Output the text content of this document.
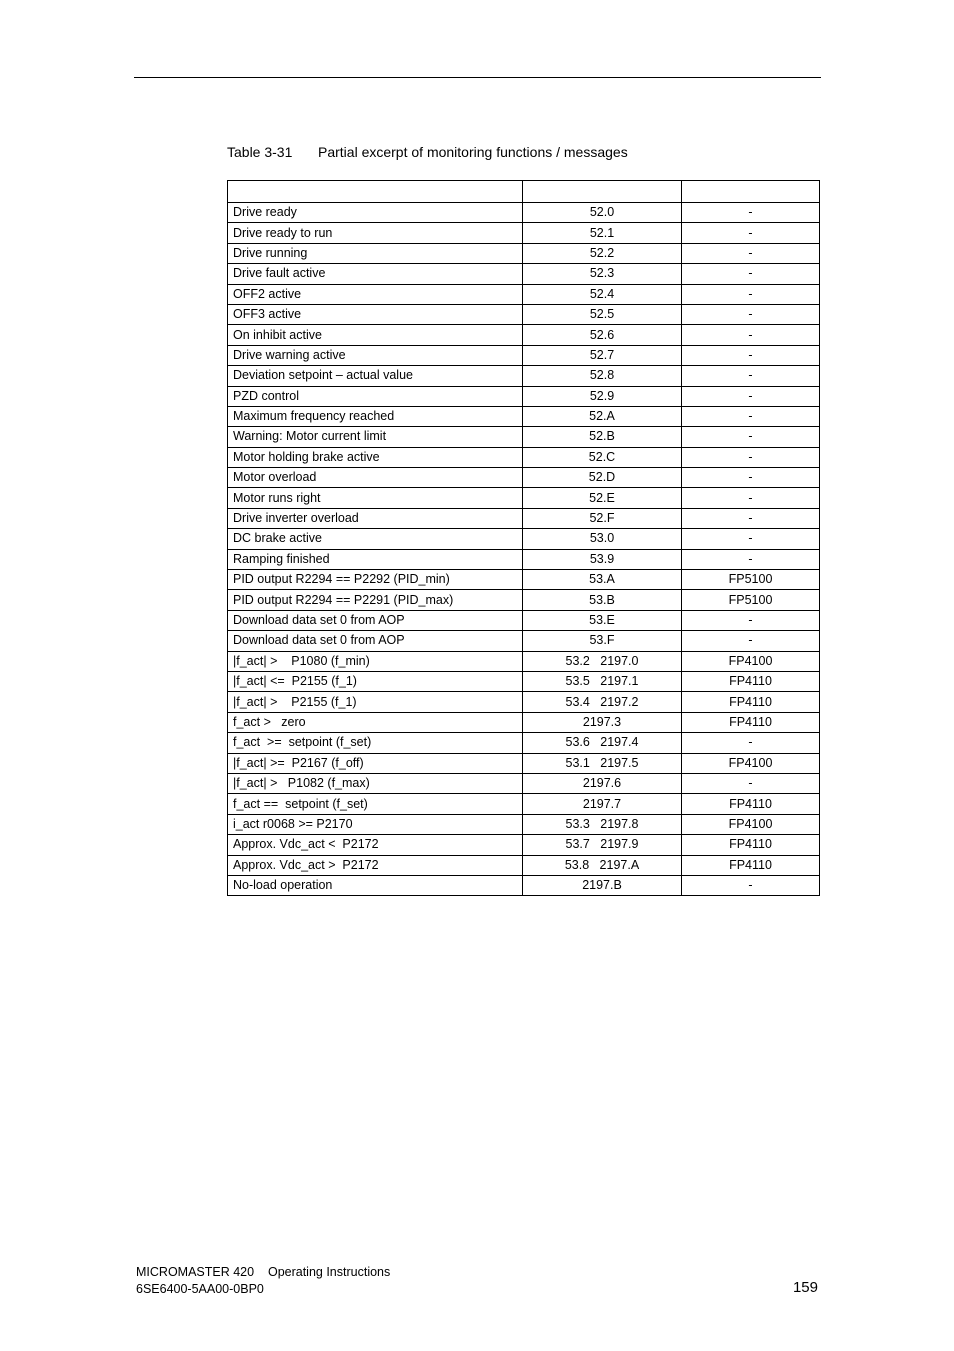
Table 3-31 Partial excerpt of monitoring functions / messages

Drive ready	52.0	-
Drive ready to run	52.1	-
Drive running	52.2	-
Drive fault active	52.3	-
OFF2 active	52.4	-
OFF3 active	52.5	-
On inhibit active	52.6	-
Drive warning active	52.7	-
Deviation setpoint – actual value	52.8	-
PZD control	52.9	-
Maximum frequency reached	52.A	-
Warning: Motor current limit	52.B	-
Motor holding brake active	52.C	-
Motor overload	52.D	-
Motor runs right	52.E	-
Drive inverter overload	52.F	-
DC brake active	53.0	-
Ramping finished	53.9	-
PID output R2294 == P2292 (PID_min)	53.A	FP5100
PID output R2294 == P2291 (PID_max)	53.B	FP5100
Download data set 0 from AOP	53.E	-
Download data set 0 from AOP	53.F	-
|f_act| >    P1080 (f_min)	53.2   2197.0	FP4100
|f_act| <=  P2155 (f_1)	53.5   2197.1	FP4110
|f_act| >    P2155 (f_1)	53.4   2197.2	FP4110
f_act >   zero	2197.3	FP4110
f_act  >=  setpoint (f_set)	53.6   2197.4	-
|f_act| >=  P2167 (f_off)	53.1   2197.5	FP4100
|f_act| >   P1082 (f_max)	2197.6	-
f_act ==  setpoint (f_set)	2197.7	FP4110
i_act r0068 >= P2170	53.3   2197.8	FP4100
Approx. Vdc_act <  P2172	53.7   2197.9	FP4110
Approx. Vdc_act >  P2172	53.8   2197.A	FP4110
No-load operation	2197.B	-
MICROMASTER 420    Operating Instructions
6SE6400-5AA00-0BP0	159
